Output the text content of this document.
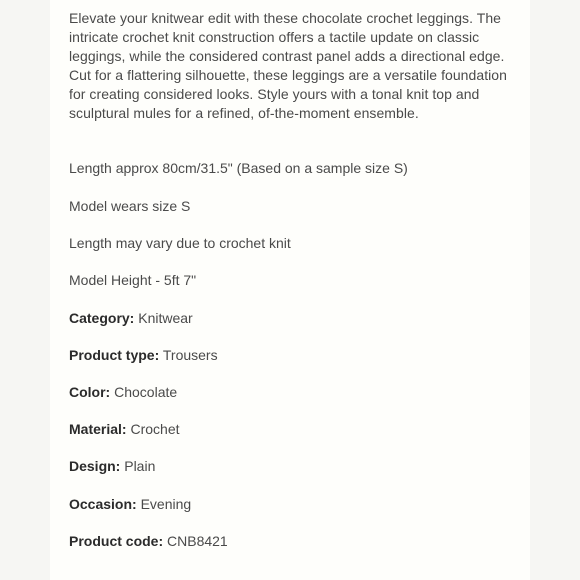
Elevate your knitwear edit with these chocolate crochet leggings. The intricate crochet knit construction offers a tactile update on classic leggings, while the considered contrast panel adds a directional edge. Cut for a flattering silhouette, these leggings are a versatile foundation for creating considered looks. Style yours with a tonal knit top and sculptural mules for a refined, of-the-moment ensemble.

Length approx 80cm/31.5" (Based on a sample size S)

Model wears size S

Length may vary due to crochet knit

Model Height - 5ft 7"

Category: Knitwear

Product type: Trousers

Color: Chocolate

Material: Crochet

Design: Plain

Occasion: Evening

Product code: CNB8421
